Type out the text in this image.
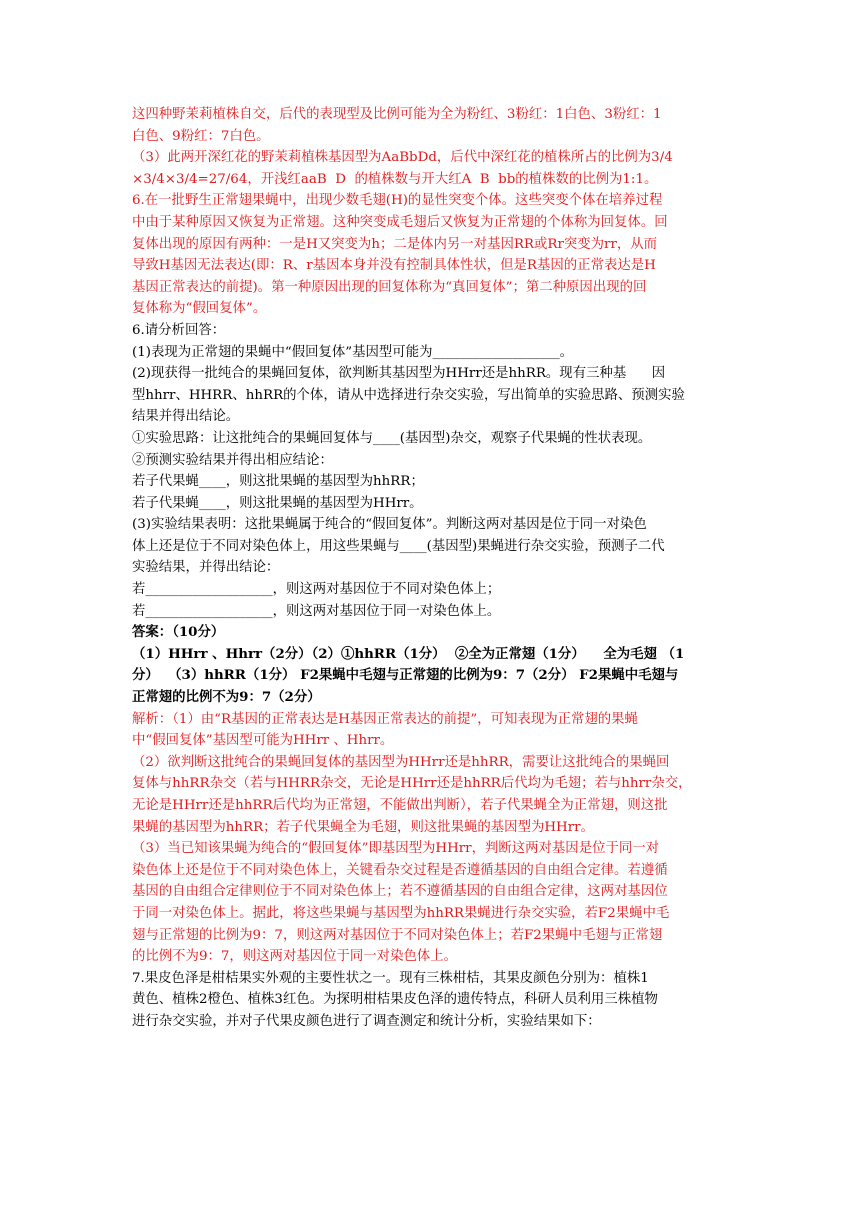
这四种野茉莉植株自交，后代的表现型及比例可能为全为粉红、3粉红：1白色、3粉红：1
白色、9粉红：7白色。
（3）此两开深红花的野茉莉植株基因型为AaBbDd，后代中深红花的植株所占的比例为3/4
×3/4×3/4=27/64，开浅红aaB  D  的植株数与开大红A  B  bb的植株数的比例为1:1。
6.在一批野生正常翅果蝇中，出现少数毛翅(H)的显性突变个体。这些突变个体在培养过程
中由于某种原因又恢复为正常翅。这种突变成毛翅后又恢复为正常翅的个体称为回复体。回
复体出现的原因有两种：一是H又突变为h；二是体内另一对基因RR或Rr突变为rr，从而
导致H基因无法表达(即：R、r基因本身并没有控制具体性状，但是R基因的正常表达是H
基因正常表达的前提)。第一种原因出现的回复体称为“真回复体”；第二种原因出现的回
复体称为“假回复体”。
6.请分析回答：
(1)表现为正常翅的果蝇中“假回复体”基因型可能为___________________。
(2)现获得一批纯合的果蝇回复体，欲判断其基因型为HHrr还是hhRR。现有三种基      因
型hhrr、HHRR、hhRR的个体，请从中选择进行杂交实验，写出简单的实验思路、预测实验
结果并得出结论。
①实验思路：让这批纯合的果蝇回复体与____(基因型)杂交，观察子代果蝇的性状表现。
②预测实验结果并得出相应结论：
若子代果蝇____，则这批果蝇的基因型为hhRR；
若子代果蝇____，则这批果蝇的基因型为HHrr。
(3)实验结果表明：这批果蝇属于纯合的“假回复体”。判断这两对基因是位于同一对染色
体上还是位于不同对染色体上，用这些果蝇与____(基因型)果蝇进行杂交实验，预测子二代
实验结果，并得出结论：
若___________________，则这两对基因位于不同对染色体上；
若___________________，则这两对基因位于同一对染色体上。
答案：（10分）
（1）HHrr 、Hhrr（2分）（2）①hhRR（1分）  ②全为正常翅（1分）    全为毛翅 （1
分）  （3）hhRR（1分） F2果蝇中毛翅与正常翅的比例为9：7（2分） F2果蝇中毛翅与
正常翅的比例不为9：7（2分）
解析：（1）由“R基因的正常表达是H基因正常表达的前提”，可知表现为正常翅的果蝇
中“假回复体”基因型可能为HHrr 、Hhrr。
（2）欲判断这批纯合的果蝇回复体的基因型为HHrr还是hhRR，需要让这批纯合的果蝇回
复体与hhRR杂交（若与HHRR杂交，无论是HHrr还是hhRR后代均为毛翅；若与hhrr杂交，
无论是HHrr还是hhRR后代均为正常翅，不能做出判断），若子代果蝇全为正常翅，则这批
果蝇的基因型为hhRR；若子代果蝇全为毛翅，则这批果蝇的基因型为HHrr。
（3）当已知该果蝇为纯合的“假回复体”即基因型为HHrr，判断这两对基因是位于同一对
染色体上还是位于不同对染色体上，关键看杂交过程是否遵循基因的自由组合定律。若遵循
基因的自由组合定律则位于不同对染色体上；若不遵循基因的自由组合定律，这两对基因位
于同一对染色体上。据此，将这些果蝇与基因型为hhRR果蝇进行杂交实验，若F2果蝇中毛
翅与正常翅的比例为9：7，则这两对基因位于不同对染色体上；若F2果蝇中毛翅与正常翅
的比例不为9：7，则这两对基因位于同一对染色体上。
7.果皮色泽是柑桔果实外观的主要性状之一。现有三株柑桔，其果皮颜色分别为：植株1
黄色、植株2橙色、植株3红色。为探明柑桔果皮色泽的遗传特点，科研人员利用三株植物
进行杂交实验，并对子代果皮颜色进行了调查测定和统计分析，实验结果如下：
